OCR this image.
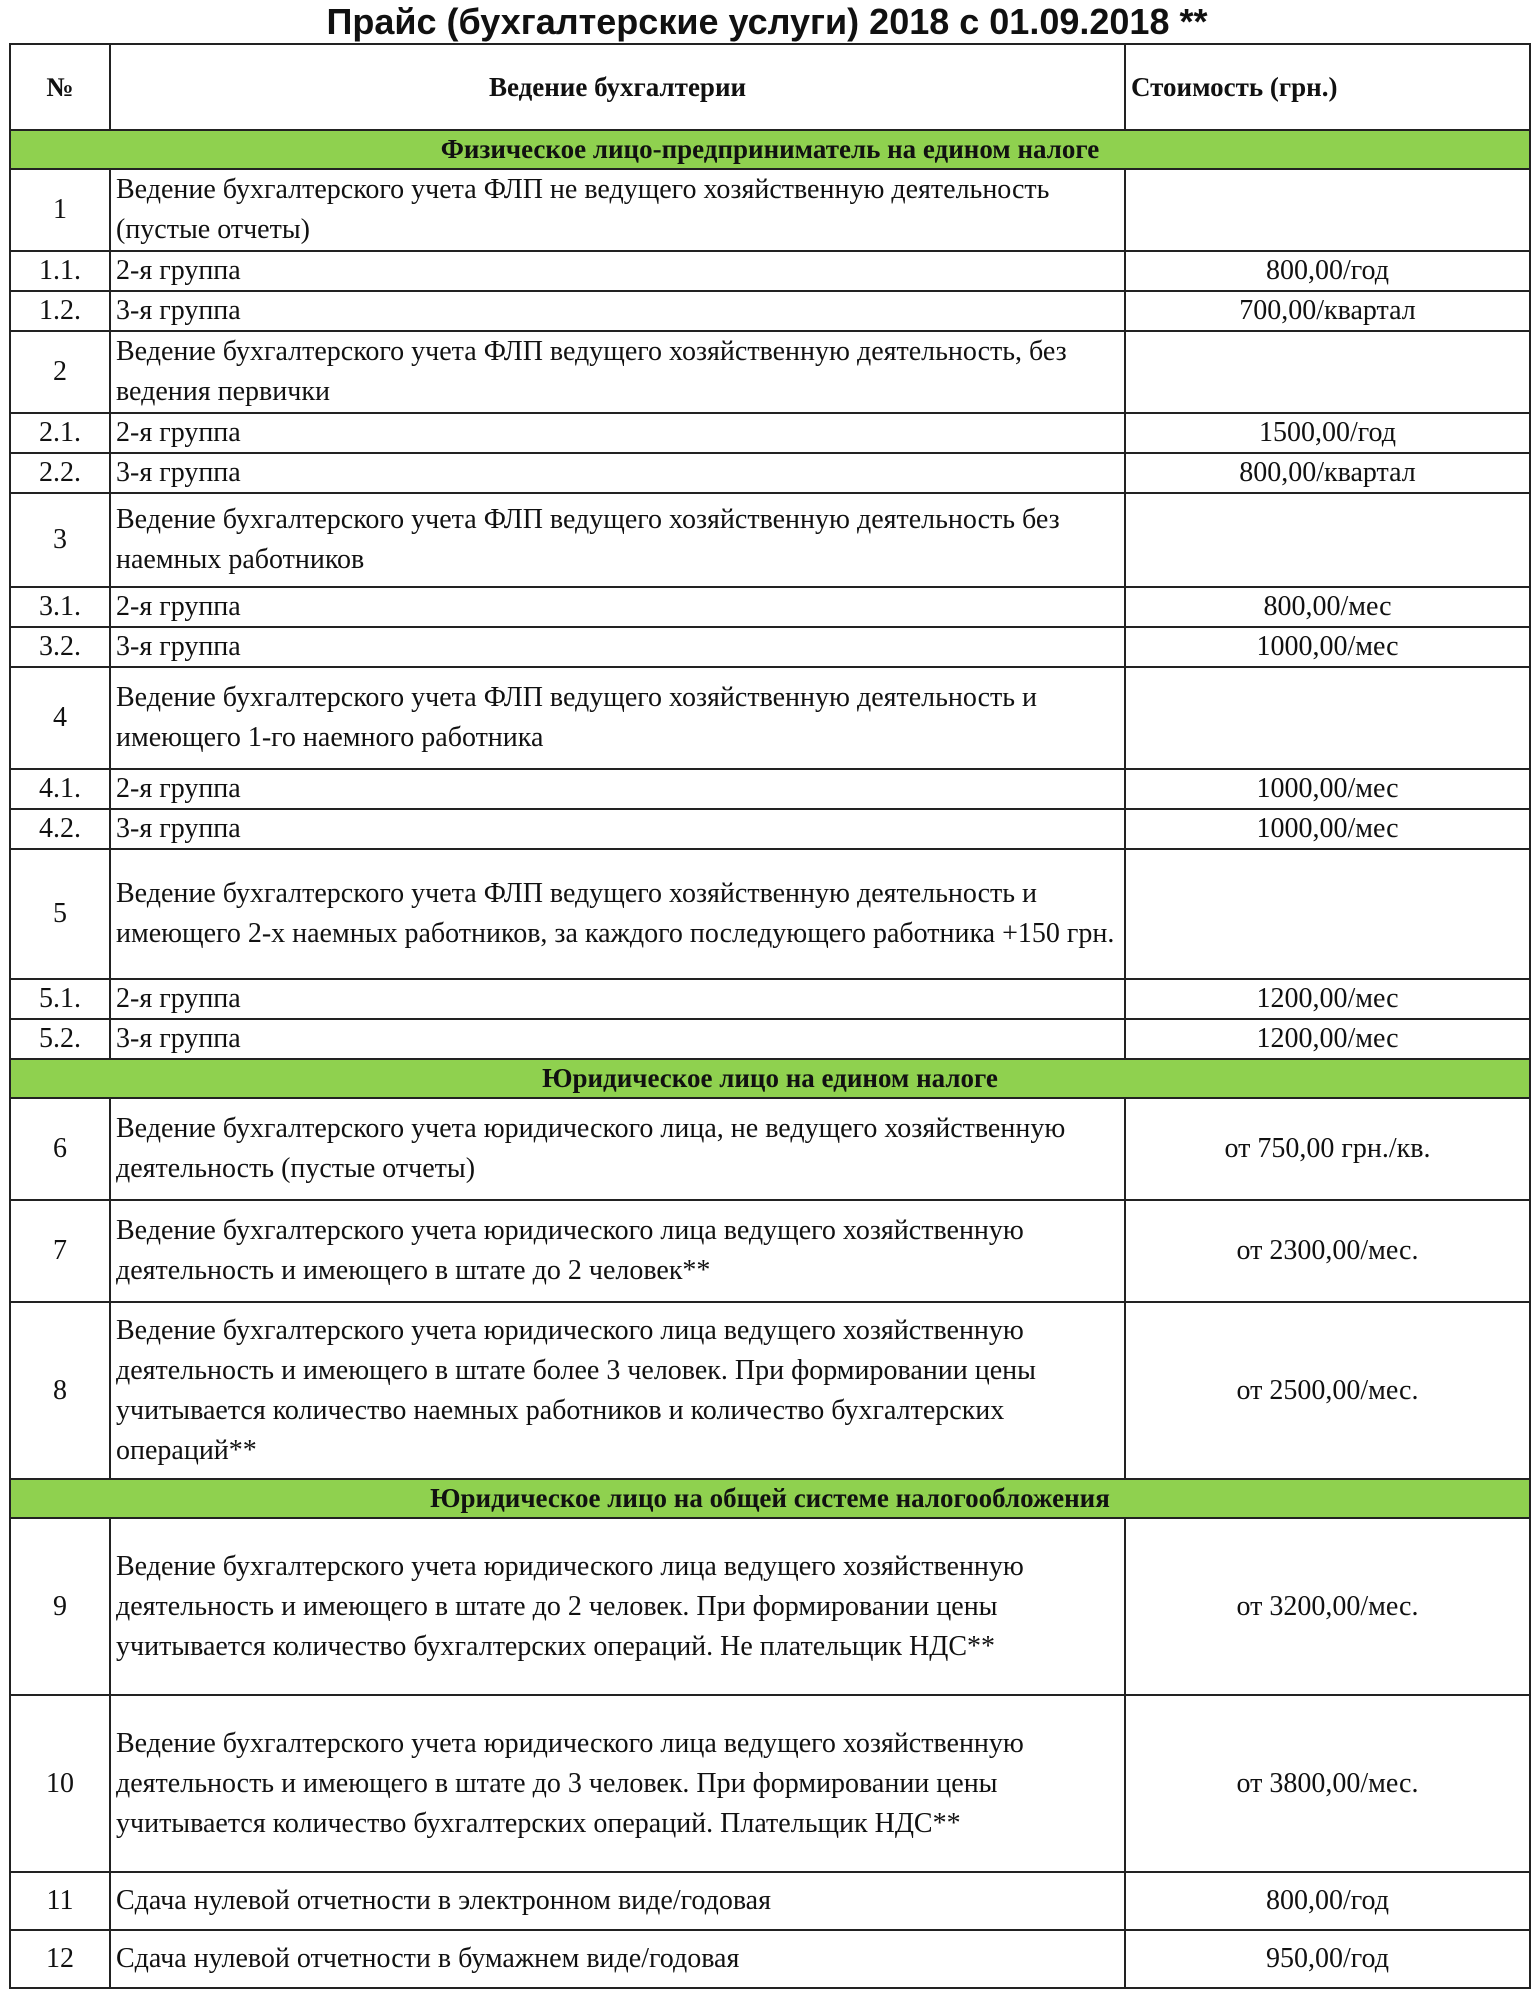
Прайс (бухгалтерские услуги) 2018 с 01.09.2018 **
№	Ведение бухгалтерии	Стоимость (грн.)
Физическое лицо-предприниматель на едином налоге		
1	Ведение бухгалтерского учета ФЛП не ведущего хозяйственную деятельность (пустые отчеты)	
1.1.	2-я группа	800,00/год
1.2.	3-я группа	700,00/квартал
2	Ведение бухгалтерского учета ФЛП ведущего хозяйственную деятельность, без ведения первички	
2.1.	2-я группа	1500,00/год
2.2.	3-я группа	800,00/квартал
3	Ведение бухгалтерского учета ФЛП ведущего хозяйственную деятельность без наемных работников	
3.1.	2-я группа	800,00/мес
3.2.	3-я группа	1000,00/мес
4	Ведение бухгалтерского учета ФЛП ведущего хозяйственную деятельность и имеющего 1-го наемного работника	
4.1.	2-я группа	1000,00/мес
4.2.	3-я группа	1000,00/мес
5	Ведение бухгалтерского учета ФЛП ведущего хозяйственную деятельность и имеющего 2-х наемных работников, за каждого последующего работника +150 грн.	
5.1.	2-я группа	1200,00/мес
5.2.	3-я группа	1200,00/мес
Юридическое лицо на едином налоге		
6	Ведение бухгалтерского учета юридического лица, не ведущего хозяйственную деятельность (пустые отчеты)	от 750,00 грн./кв.
7	Ведение бухгалтерского учета юридического лица ведущего хозяйственную деятельность и имеющего в штате до 2 человек**	от 2300,00/мес.
8	Ведение бухгалтерского учета юридического лица ведущего хозяйственную деятельность и имеющего в штате более 3 человек. При формировании цены учитывается количество наемных работников и количество бухгалтерских операций**	от 2500,00/мес.
Юридическое лицо на общей системе налогообложения		
9	Ведение бухгалтерского учета юридического лица ведущего хозяйственную деятельность и имеющего в штате до 2 человек. При формировании цены учитывается количество бухгалтерских операций. Не плательщик НДС**	от 3200,00/мес.
10	Ведение бухгалтерского учета юридического лица ведущего хозяйственную деятельность и имеющего в штате до 3 человек. При формировании цены учитывается количество бухгалтерских операций. Плательщик НДС**	от 3800,00/мес.
11	Сдача нулевой отчетности в электронном виде/годовая	800,00/год
12	Сдача нулевой отчетности в бумажнем виде/годовая	950,00/год
